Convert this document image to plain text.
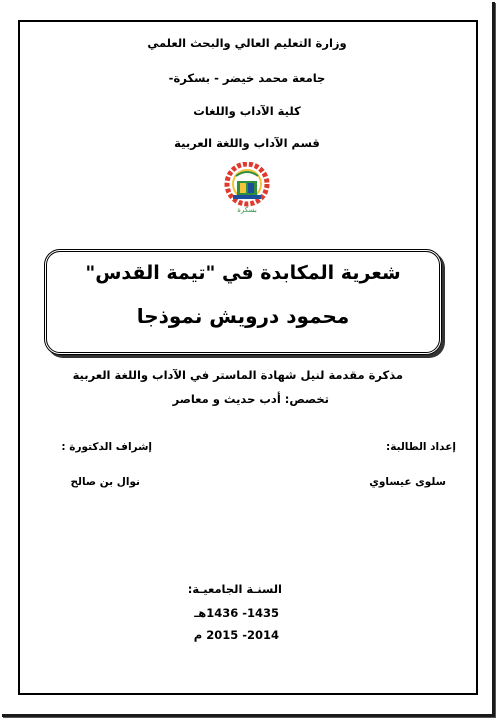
وزارة التعليم العالي والبحث العلمي
جامعة محمد خيضر - بسكرة-
كلية الآداب واللغات
قسم الآداب واللغة العربية
بسكرة
شعرية المكابدة في "تيمة القدس"
محمود درويش نموذجا
مذكرة مقدمة لنيل شهادة الماستر في الآداب واللغة العربية
تخصص: أدب حديث و معاصر
إعداد الطالبة:
إشراف الدكتورة :
سلوى عيساوي
نوال بن صالح
السنـة الجامعيـة:
1435- 1436هـ
2014- 2015 م
